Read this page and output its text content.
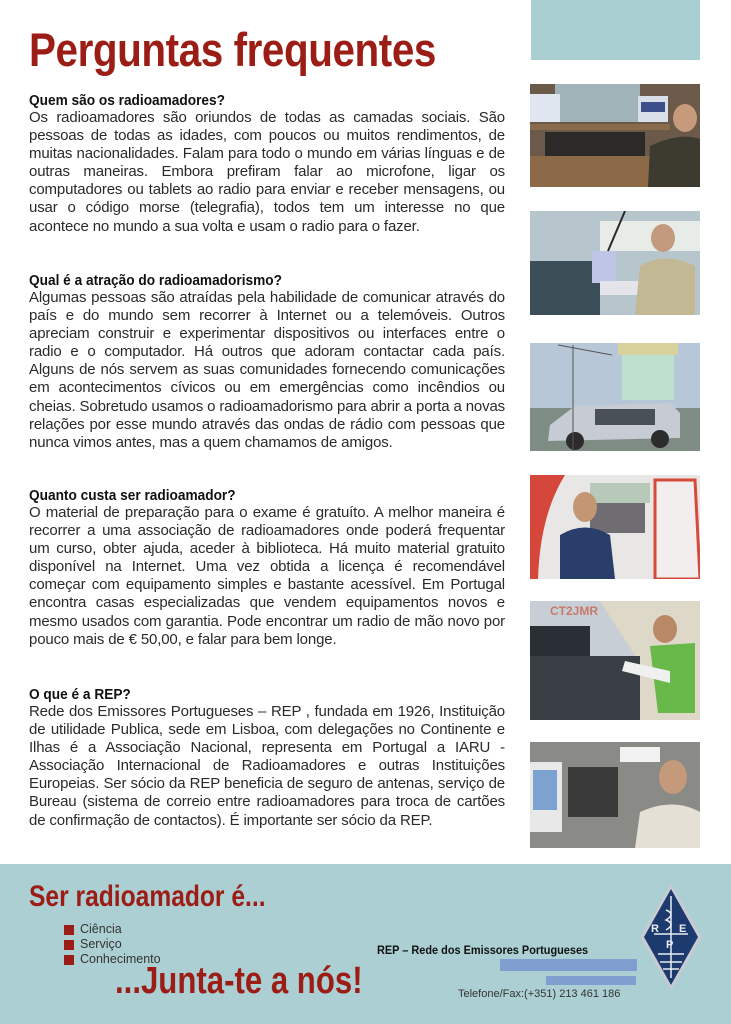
Perguntas frequentes
Quem são os radioamadores?

Os radioamadores são oriundos de todas as camadas sociais. São pessoas de todas as idades, com poucos ou muitos rendimentos, de muitas nacionalidades. Falam para todo o mundo em várias línguas e de outras maneiras. Embora prefiram falar ao microfone, ligar os computadores ou tablets ao radio para enviar e receber mensagens, ou usar o código morse (telegrafia), todos tem um interesse no que acontece no mundo a sua volta e usam o radio para o fazer.

Qual é a atração do radioamadorismo?

Algumas pessoas são atraídas pela habilidade de comunicar através do país e do mundo sem recorrer à Internet ou a telemóveis. Outros apreciam construir e experimentar dispositivos ou interfaces entre o radio e o computador. Há outros que adoram contactar cada país. Alguns de nós servem as suas comunidades fornecendo comunicações em acontecimentos cívicos ou em emergências como incêndios ou cheias. Sobretudo usamos o radioamadorismo para abrir a porta a novas relações por esse mundo através das ondas de rádio com pessoas que nunca vimos antes, mas a quem chamamos de amigos.

Quanto custa ser radioamador?

O material de preparação para o exame é gratuíto. A melhor maneira é recorrer a uma associação de radioamadores onde poderá frequentar um curso, obter ajuda, aceder à biblioteca. Há muito material gratuito disponível na Internet. Uma vez obtida a licença é recomendável começar com equipamento simples e bastante acessível. Em Portugal encontra casas especializadas que vendem equipamentos novos e mesmo usados com garantia. Pode encontrar um radio de mão novo por pouco mais de € 50,00, e falar para bem longe.

O que é a REP?

Rede dos Emissores Portugueses – REP , fundada em 1926, Instituição de utilidade Publica, sede em Lisboa, com delegações no Continente e Ilhas é a Associação Nacional, representa em Portugal a IARU - Associação Internacional de Radioamadores e outras Instituições Europeias. Ser sócio da REP beneficia de seguro de antenas, serviço de Bureau (sistema de correio entre radioamadores para troca de cartões de confirmação de contactos). É importante ser sócio da REP.

CT2JMR
Ser radioamador é...
Ciência
Serviço
Conhecimento
...Junta-te a nós!
REP – Rede dos Emissores Portugueses
Telefone/Fax:(+351) 213 461 186
R E
P
